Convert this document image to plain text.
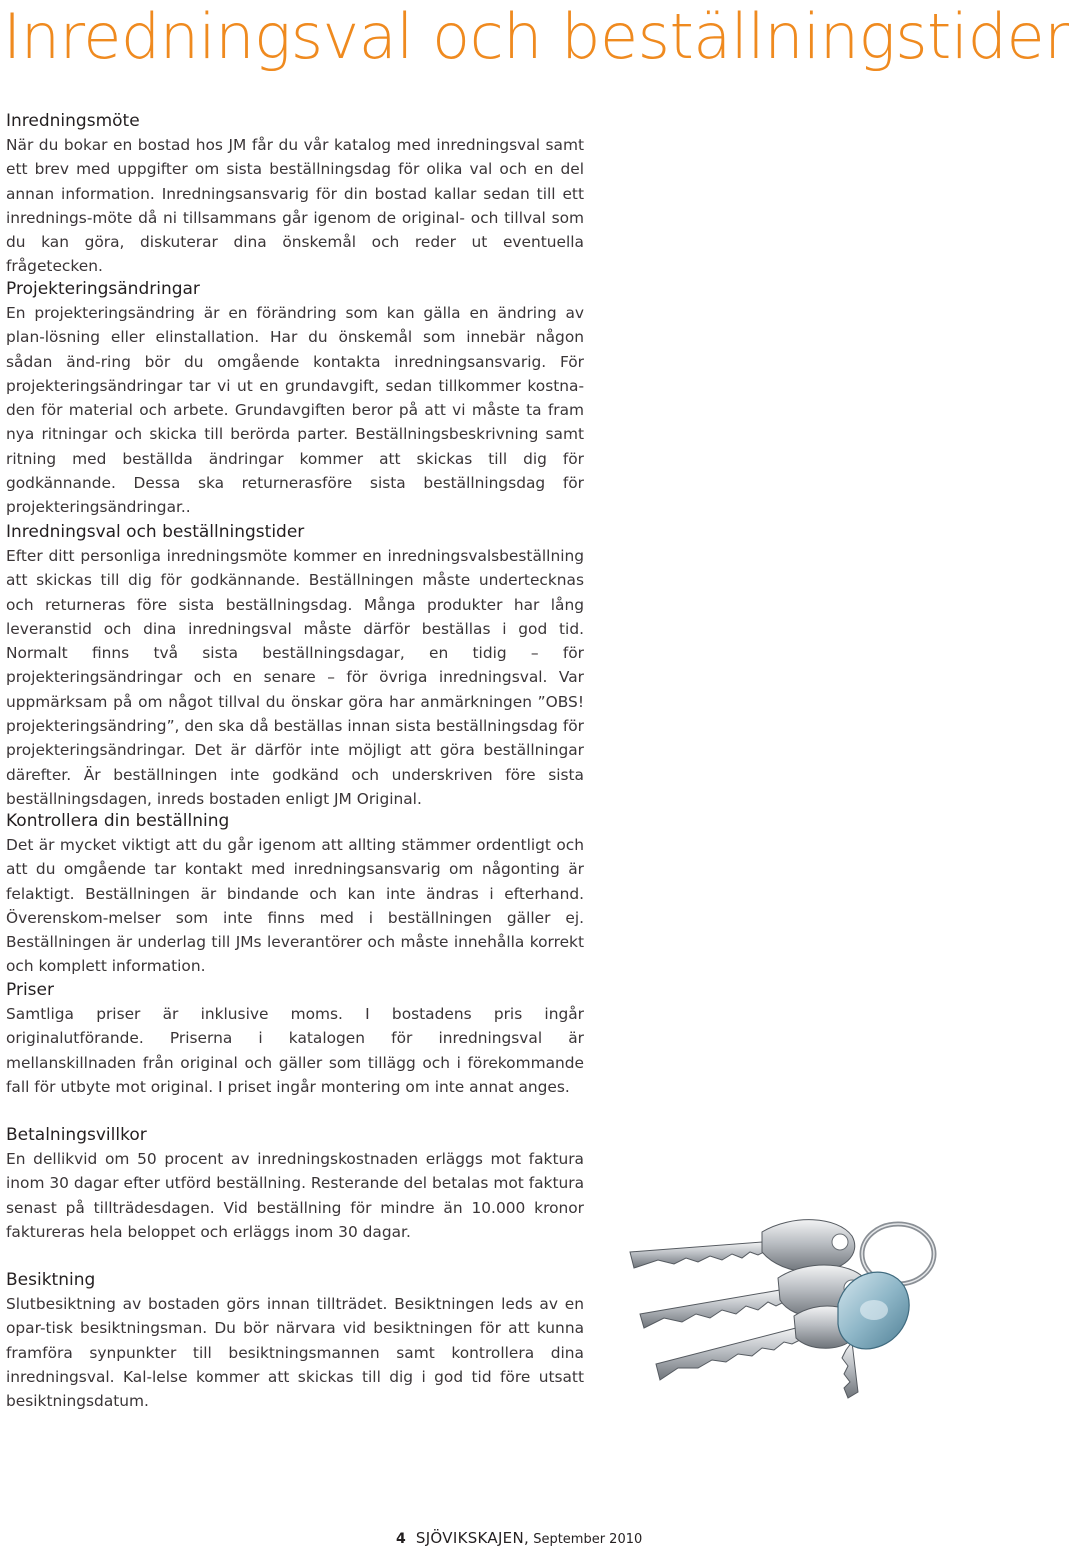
Inredningsval och beställningstider
Inredningsmöte

När du bokar en bostad hos JM får du vår katalog med inredningsval samt ett brev med uppgifter om sista beställningsdag för olika val och en del annan information. Inredningsansvarig för din bostad kallar sedan till ett inrednings-möte då ni tillsammans går igenom de original- och tillval som du kan göra, diskuterar dina önskemål och reder ut eventuella frågetecken.

Projekteringsändringar

En projekteringsändring är en förändring som kan gälla en ändring av plan-lösning eller elinstallation. Har du önskemål som innebär någon sådan änd-ring bör du omgående kontakta inredningsansvarig. För projekteringsändringar tar vi ut en grundavgift, sedan tillkommer kostna-den för material och arbete. Grundavgiften beror på att vi måste ta fram nya ritningar och skicka till berörda parter. Beställningsbeskrivning samt ritning med beställda ändringar kommer att skickas till dig för godkännande. Dessa ska returnerasföre sista beställningsdag för projekteringsändringar..

Inredningsval och beställningstider

Efter ditt personliga inredningsmöte kommer en inredningsvalsbeställning att skickas till dig för godkännande. Beställningen måste undertecknas och returneras före sista beställningsdag. Många produkter har lång leveranstid och dina inredningsval måste därför beställas i god tid. Normalt finns två sista beställningsdagar, en tidig – för projekteringsändringar och en senare – för övriga inredningsval. Var uppmärksam på om något tillval du önskar göra har anmärkningen ”OBS! projekteringsändring”, den ska då beställas innan sista beställningsdag för projekteringsändringar. Det är därför inte möjligt att göra beställningar därefter. Är beställningen inte godkänd och underskriven före sista beställningsdagen, inreds bostaden enligt JM Original.

Kontrollera din beställning

Det är mycket viktigt att du går igenom att allting stämmer ordentligt och att du omgående tar kontakt med inredningsansvarig om någonting är felaktigt. Beställningen är bindande och kan inte ändras i efterhand. Överenskom-melser som inte finns med i beställningen gäller ej. Beställningen är underlag till JMs leverantörer och måste innehålla korrekt och komplett information.

Priser

Samtliga priser är inklusive moms. I bostadens pris ingår originalutförande. Priserna i katalogen för inredningsval är mellanskillnaden från original och gäller som tillägg och i förekommande fall för utbyte mot original. I priset ingår montering om inte annat anges.

Betalningsvillkor

En dellikvid om 50 procent av inredningskostnaden erläggs mot faktura inom 30 dagar efter utförd beställning. Resterande del betalas mot faktura senast på tillträdesdagen. Vid beställning för mindre än 10.000 kronor faktureras hela beloppet och erläggs inom 30 dagar.

Besiktning

Slutbesiktning av bostaden görs innan tillträdet. Besiktningen leds av en opar-tisk besiktningsman. Du bör närvara vid besiktningen för att kunna framföra synpunkter till besiktningsmannen samt kontrollera dina inredningsval. Kal-lelse kommer att skickas till dig i god tid före utsatt besiktningsdatum.

4 SJÖVIKSKAJEN, September 2010
